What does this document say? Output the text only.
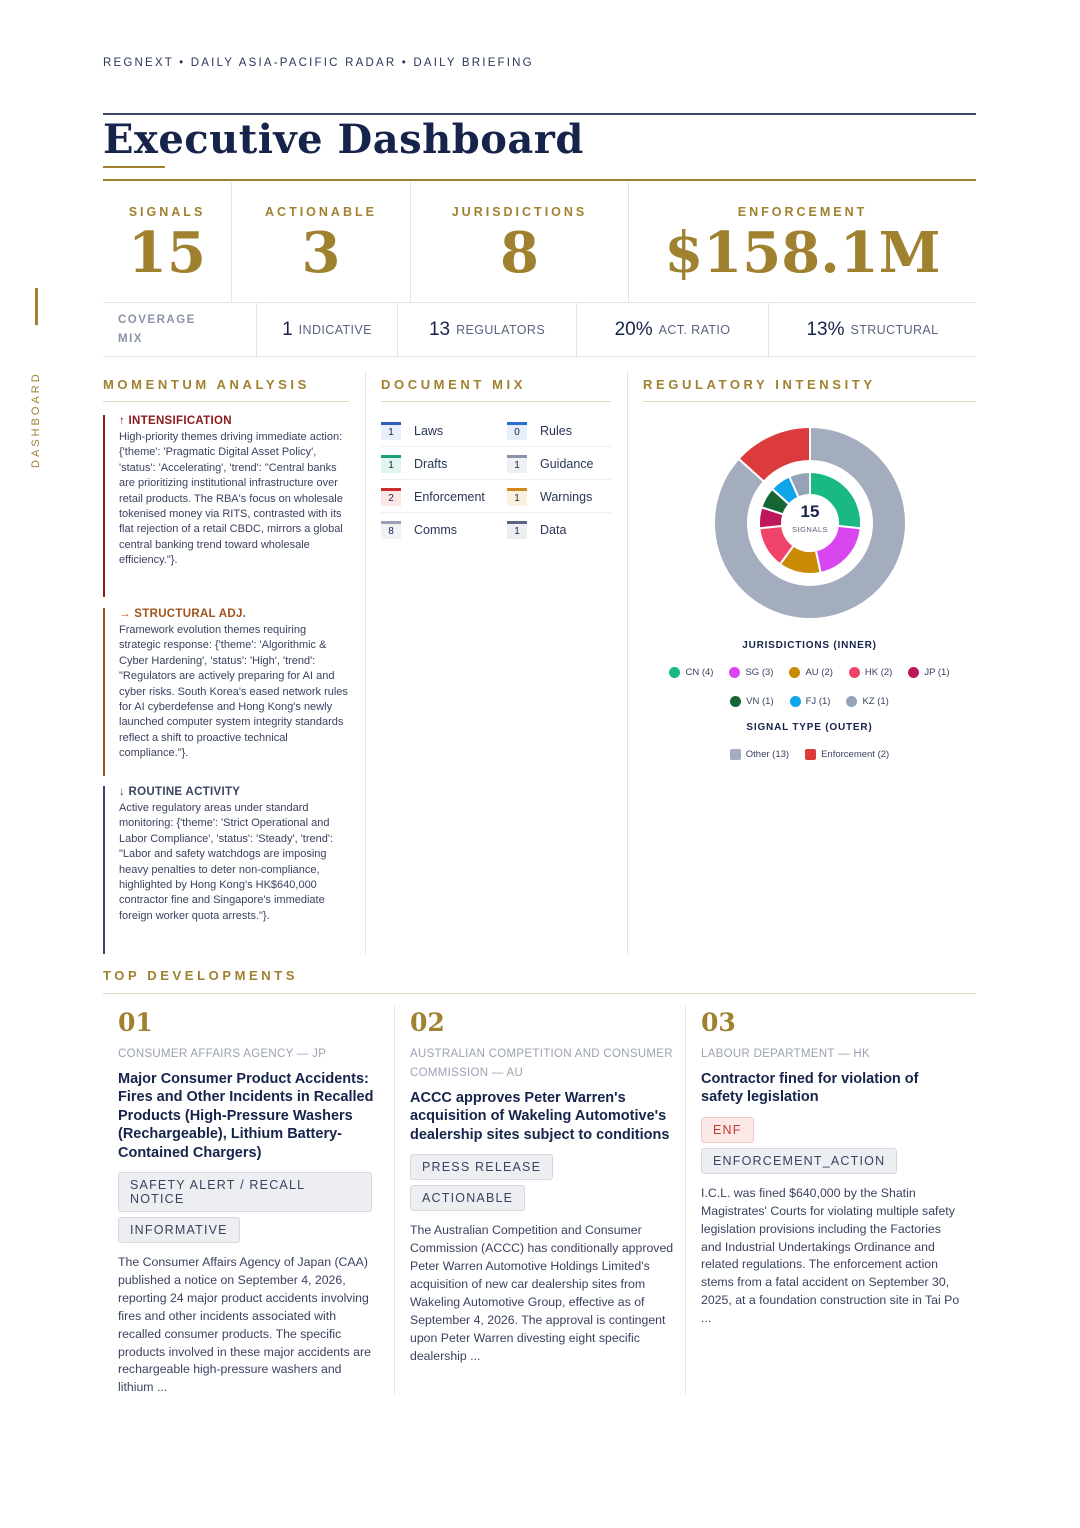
REGNEXT • DAILY ASIA-PACIFIC RADAR • DAILY BRIEFING
DASHBOARD
Executive Dashboard
SIGNALS
15
ACTIONABLE
3
JURISDICTIONS
8
ENFORCEMENT
$158.1M
COVERAGE MIX	1 INDICATIVE	13 REGULATORS	20% ACT. RATIO	13% STRUCTURAL
MOMENTUM ANALYSIS	DOCUMENT MIX	REGULATORY INTENSITY
↑ INTENSIFICATION
High-priority themes driving immediate action: {'theme': 'Pragmatic Digital Asset Policy', 'status': 'Accelerating', 'trend': "Central banks are prioritizing institutional infrastructure over retail products. The RBA's focus on wholesale tokenised money via RITS, contrasted with its flat rejection of a retail CBDC, mirrors a global central banking trend toward wholesale efficiency."}.
→ STRUCTURAL ADJ.
Framework evolution themes requiring strategic response: {'theme': 'Algorithmic & Cyber Hardening', 'status': 'High', 'trend': "Regulators are actively preparing for AI and cyber risks. South Korea's eased network rules for AI cyberdefense and Hong Kong's newly launched computer system integrity standards reflect a shift to proactive technical compliance."}.
↓ ROUTINE ACTIVITY
Active regulatory areas under standard monitoring: {'theme': 'Strict Operational and Labor Compliance', 'status': 'Steady', 'trend': "Labor and safety watchdogs are imposing heavy penalties to deter non-compliance, highlighted by Hong Kong's HK$640,000 contractor fine and Singapore's immediate foreign worker quota arrests."}.
1	Laws	0	Rules
1	Drafts	1	Guidance
2	Enforcement	1	Warnings
8	Comms	1	Data
15
SIGNALS
JURISDICTIONS (INNER)
CN (4)	SG (3)	AU (2)	HK (2)	JP (1)
VN (1)	FJ (1)	KZ (1)
SIGNAL TYPE (OUTER)
Other (13)	Enforcement (2)
TOP DEVELOPMENTS
01
CONSUMER AFFAIRS AGENCY — JP
Major Consumer Product Accidents: Fires and Other Incidents in Recalled Products (High-Pressure Washers (Rechargeable), Lithium Battery-Contained Chargers)
SAFETY ALERT / RECALL NOTICE
INFORMATIVE
The Consumer Affairs Agency of Japan (CAA) published a notice on September 4, 2026, reporting 24 major product accidents involving fires and other incidents associated with recalled consumer products. The specific products involved in these major accidents are rechargeable high-pressure washers and lithium ...
02
AUSTRALIAN COMPETITION AND CONSUMER COMMISSION — AU
ACCC approves Peter Warren's acquisition of Wakeling Automotive's dealership sites subject to conditions
PRESS RELEASE
ACTIONABLE
The Australian Competition and Consumer Commission (ACCC) has conditionally approved Peter Warren Automotive Holdings Limited's acquisition of new car dealership sites from Wakeling Automotive Group, effective as of September 4, 2026. The approval is contingent upon Peter Warren divesting eight specific dealership ...
03
LABOUR DEPARTMENT — HK
Contractor fined for violation of safety legislation
ENF
ENFORCEMENT_ACTION
I.C.L. was fined $640,000 by the Shatin Magistrates' Courts for violating multiple safety legislation provisions including the Factories and Industrial Undertakings Ordinance and related regulations. The enforcement action stems from a fatal accident on September 30, 2025, at a foundation construction site in Tai Po ...
